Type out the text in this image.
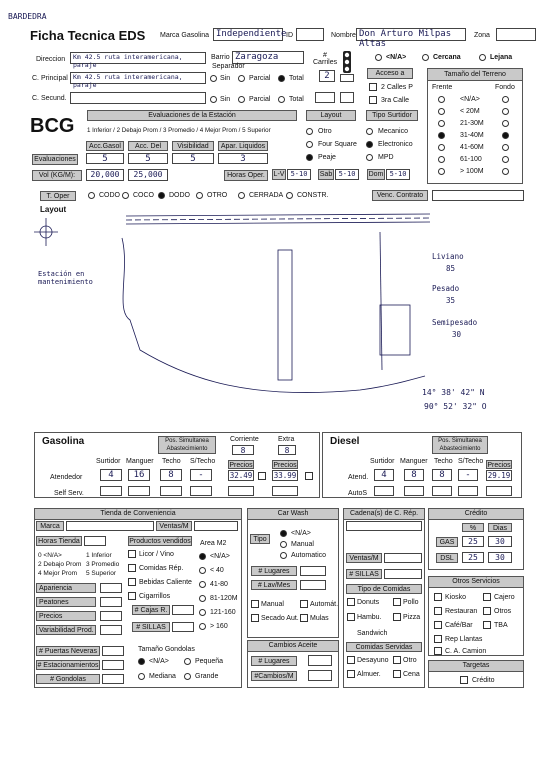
BARDEDRA
Ficha Tecnica EDS Marca Gasolina Independiente ID	Nombre Don Arturo Milpas Altas
Zona
Direccion	Km 42.5 ruta interamericana, paraje
Barrio Zaragoza
Separador
# Carriles
2
<N/A>	Cercana	Lejana
C. Principal Km 42.5 ruta interamericana, paraje
Sin	Parcial	Total
Acceso a
2 Calles P
3ra Calle
C. Secund.	Sin	Parcial	Total
Tamaño del Terreno
Frente	Fondo
<N/A>
< 20M
21-30M
31-40M
41-60M
61-100
> 100M
BCG	Evaluaciones de la Estación
1 Inferior / 2 Debajo Prom / 3 Promedio / 4 Mejor Prom / 5 Superior
Acc.Gasol	Acc. Del	Visibilidad	Apar. Liquidos
Evaluaciones	5	5	5	3
Vol (KG/M):	20,000	25,000	Horas Oper.	L-V 5-10	Sab 5-10	Dom 5-10
Layout
Otro
Four Square
Peaje
Tipo Surtidor
Mecanico
Electronico
MPD
T. Oper	CODO COCO DODO OTRO	CERRADA CONSTR.	Venc. Contrato
Layout
Estación en mantenimiento
Liviano
85
Pesado
35
Semipesado
30
14° 38' 42" N
90° 52' 32" O
Gasolina	Pos. Simultanea Abastecimiento
Corriente
8
Extra
8
Surtidor Manguer Techo S/Techo
Precios	Precios
Atendedor	4	16	8	-	32.49	33.99
Self Serv.
Diesel	Pos. Simultanea Abastecimiento
Surtidor Manguer Techo S/Techo
Precios
Atend.	4	8	8	-	29.19
AutoS
Tienda de Conveniencia
Marca	Ventas/M
Horas Tienda	Productos vendidos Area M2
0 <N/A>	1 Inferior
2 Debajo Prom 3 Promedio
4 Mejor Prom 5 Superior
Apariencia
Peatones
Precios
Variabilidad Prod.
Licor / Vino
Comidas Rép.
Bebidas Caliente
Cigarrillos
<N/A>
< 40
41-80
81-120M
121-160
> 160
# Cajas R.
# SILLAS
# Puertas Neveras
# Estacionamientos
# Gondolas
Tamaño Gondolas
<N/A>	Pequeña
Mediana	Grande
Car Wash
Tipo
<N/A>
Manual
Automatico
# Lugares
# Lav/Mes
Manual	Automát.
Secado Aut. Mulas
Cambios Aceite
# Lugares
#Cambios/M
Cadena(s) de C. Rép.
Ventas/M
# SILLAS
Tipo de Comidas
Donuts	Pollo
Hambu.	Pizza
Sandwich
Comidas Servidas
Desayuno Otro
Almuer.	Cena
Crédito
%	Dias
GAS	25	30
DSL	25	30
Otros Servicios
Kiosko	Cajero
Restauran Otros
Café/Bar	TBA
Rep Llantas
C. A. Camion
Targetas
Crédito
